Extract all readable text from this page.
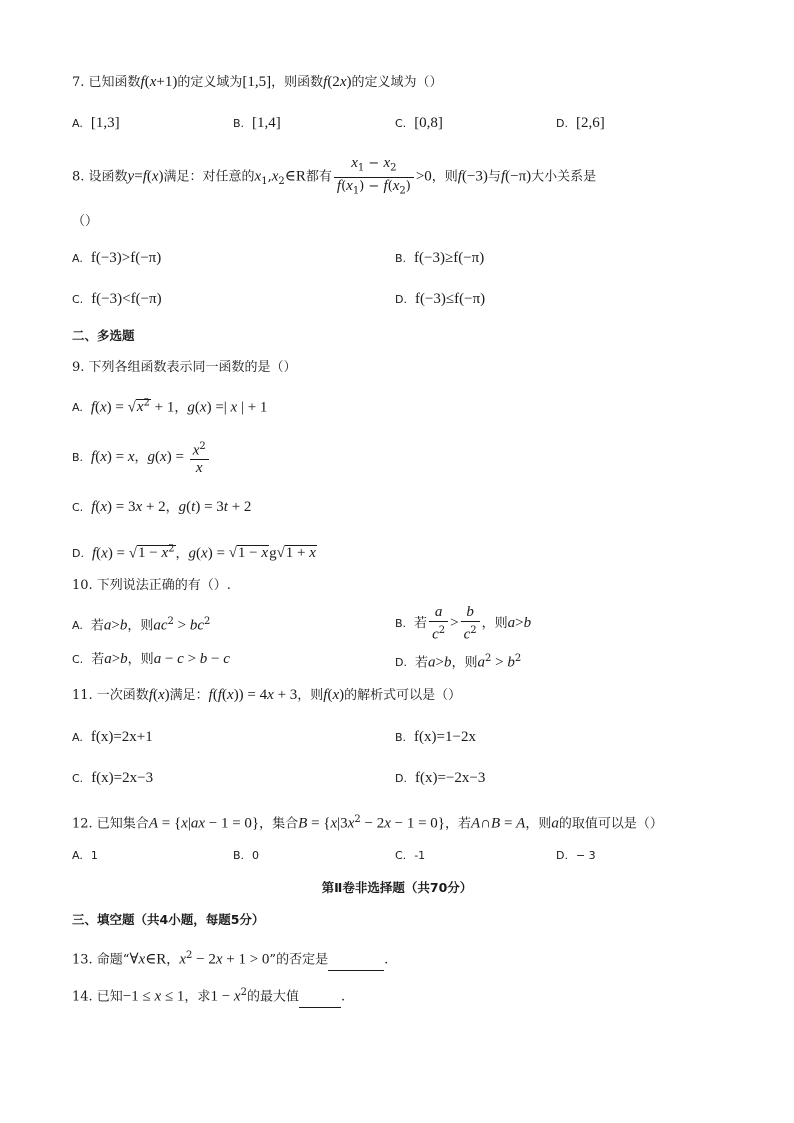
7. 已知函数f(x+1)的定义域为[1,5]，则函数f(2x)的定义域为（）
A. [1,3]	B. [1,4]	C. [0,8]	D. [2,6]
8. 设函数y=f(x)满足：对任意的$x_1,x_2\in R$都有 $\frac{x_1 - x_2}{f(x_1) - f(x_2)} >0$，则f(−3)与f(−π)大小关系是
（）
A. f(−3)>f(−π)	B. f(−3)≥f(−π)
C. f(−3)<f(−π)	D. f(−3)≤f(−π)
二、多选题
9. 下列各组函数表示同一函数的是（）
A. $f(x) = √x^2 + 1$，g(x) =| x | + 1
B. f(x) = x，$g(x) = \frac{x^2}{x}$
C. f(x) = 3x + 2，g(t) = 3t + 2
D. $f(x) = √1 - x^2$，g(x) = √1 − xg√1 + x
10. 下列说法正确的有（）.
A. 若a>b，则$ac^2 > bc^2$	B. 若 $\frac{a}{c^2} > \frac{b}{c^2}$ ，则a>b
C. 若a>b，则a − c > b − c	D. 若a>b，则$a^2 > b^2$
11. 一次函数f(x)满足：f(f(x)) = 4x + 3，则f(x)的解析式可以是（）
A. f(x)=2x+1	B. f(x)=1−2x
C. f(x)=2x−3	D. f(x)=−2x−3
12. 已知集合A = {x|ax − 1 = 0}，集合$B = \{x|3x^2 - 2x - 1 = 0\}$，若A∩B = A，则a的取值可以是（）
A. 1	B. 0	C. -1	D. − 3
第Ⅱ卷非选择题（共70分）
三、填空题（共4小题，每题5分）
13. 命题“∀x∈R，$x^2 - 2x + 1 > 0$”的否定是	.
14. 已知−1 ≤ x ≤ 1，求$1 - x^2$的最大值	.
